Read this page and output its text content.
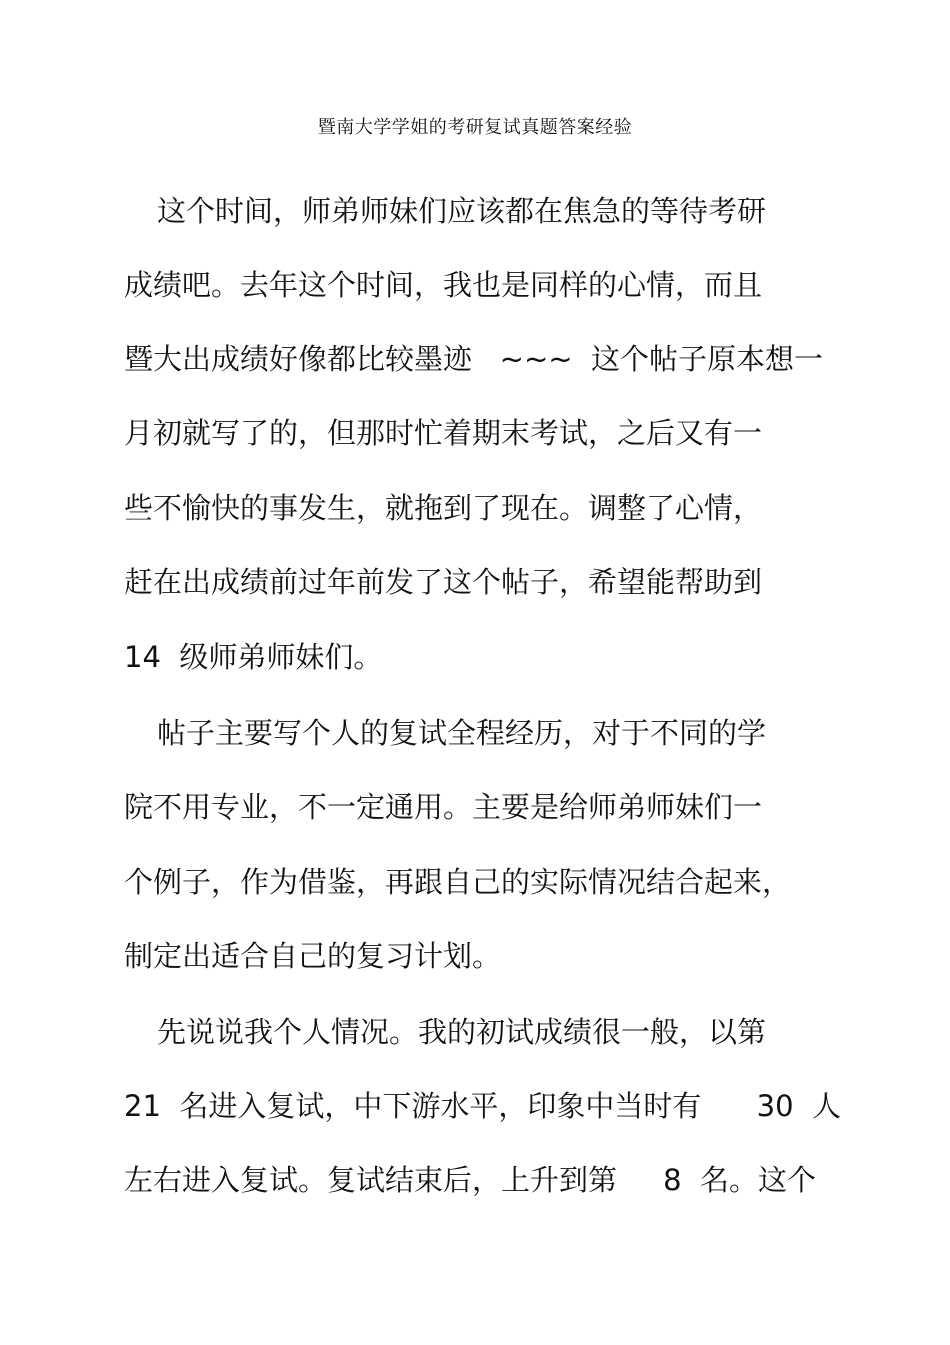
暨南大学学姐的考研复试真题答案经验
这个时间，师弟师妹们应该都在焦急的等待考研
成绩吧。去年这个时间，我也是同样的心情，而且
暨大出成绩好像都比较墨迹   ~~~  这个帖子原本想一
月初就写了的，但那时忙着期末考试，之后又有一
些不愉快的事发生，就拖到了现在。调整了心情，
赶在出成绩前过年前发了这个帖子，希望能帮助到
14  级师弟师妹们。
帖子主要写个人的复试全程经历，对于不同的学
院不用专业，不一定通用。主要是给师弟师妹们一
个例子，作为借鉴，再跟自己的实际情况结合起来，
制定出适合自己的复习计划。
先说说我个人情况。我的初试成绩很一般，以第
21  名进入复试，中下游水平，印象中当时有      30  人
左右进入复试。复试结束后，上升到第     8  名。这个
